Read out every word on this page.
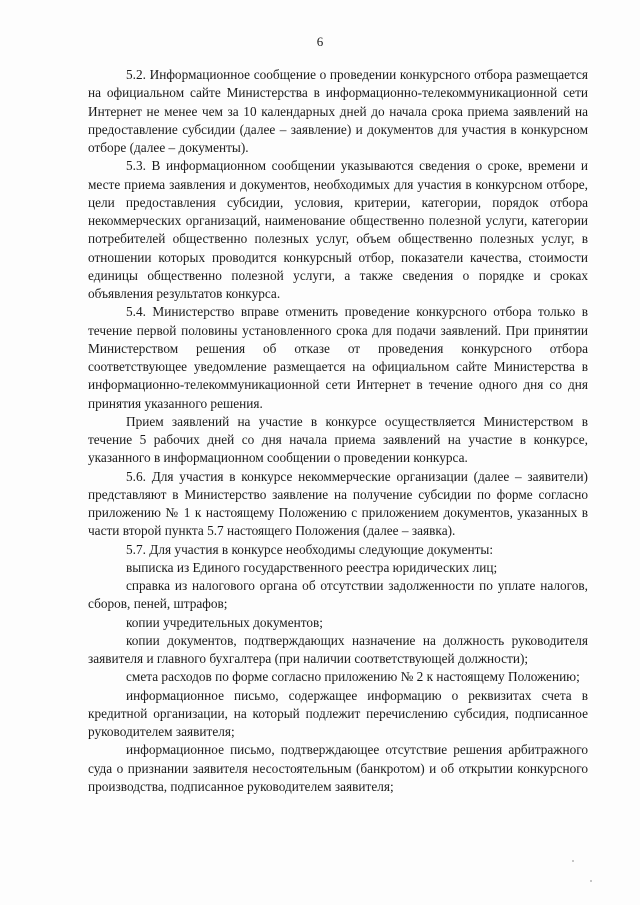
6

5.2. Информационное сообщение о проведении конкурсного отбора размещается на официальном сайте Министерства в информационно-телекоммуникационной сети Интернет не менее чем за 10 календарных дней до начала срока приема заявлений на предоставление субсидии (далее – заявление) и документов для участия в конкурсном отборе (далее – документы).

5.3. В информационном сообщении указываются сведения о сроке, времени и месте приема заявления и документов, необходимых для участия в конкурсном отборе, цели предоставления субсидии, условия, критерии, категории, порядок отбора некоммерческих организаций, наименование общественно полезной услуги, категории потребителей общественно полезных услуг, объем общественно полезных услуг, в отношении которых проводится конкурсный отбор, показатели качества, стоимости единицы общественно полезной услуги, а также сведения о порядке и сроках объявления результатов конкурса.

5.4. Министерство вправе отменить проведение конкурсного отбора только в течение первой половины установленного срока для подачи заявлений. При принятии Министерством решения об отказе от проведения конкурсного отбора соответствующее уведомление размещается на официальном сайте Министерства в информационно-телекоммуникационной сети Интернет в течение одного дня со дня принятия указанного решения.

Прием заявлений на участие в конкурсе осуществляется Министерством в течение 5 рабочих дней со дня начала приема заявлений на участие в конкурсе, указанного в информационном сообщении о проведении конкурса.

5.6. Для участия в конкурсе некоммерческие организации (далее – заявители) представляют в Министерство заявление на получение субсидии по форме согласно приложению № 1 к настоящему Положению с приложением документов, указанных в части второй пункта 5.7 настоящего Положения (далее – заявка).

5.7. Для участия в конкурсе необходимы следующие документы:

выписка из Единого государственного реестра юридических лиц;

справка из налогового органа об отсутствии задолженности по уплате налогов, сборов, пеней, штрафов;

копии учредительных документов;

копии документов, подтверждающих назначение на должность руководителя заявителя и главного бухгалтера (при наличии соответствующей должности);

смета расходов по форме согласно приложению № 2 к настоящему Положению;

информационное письмо, содержащее информацию о реквизитах счета в кредитной организации, на который подлежит перечислению субсидия, подписанное руководителем заявителя;

информационное письмо, подтверждающее отсутствие решения арбитражного суда о признании заявителя несостоятельным (банкротом) и об открытии конкурсного производства, подписанное руководителем заявителя;
